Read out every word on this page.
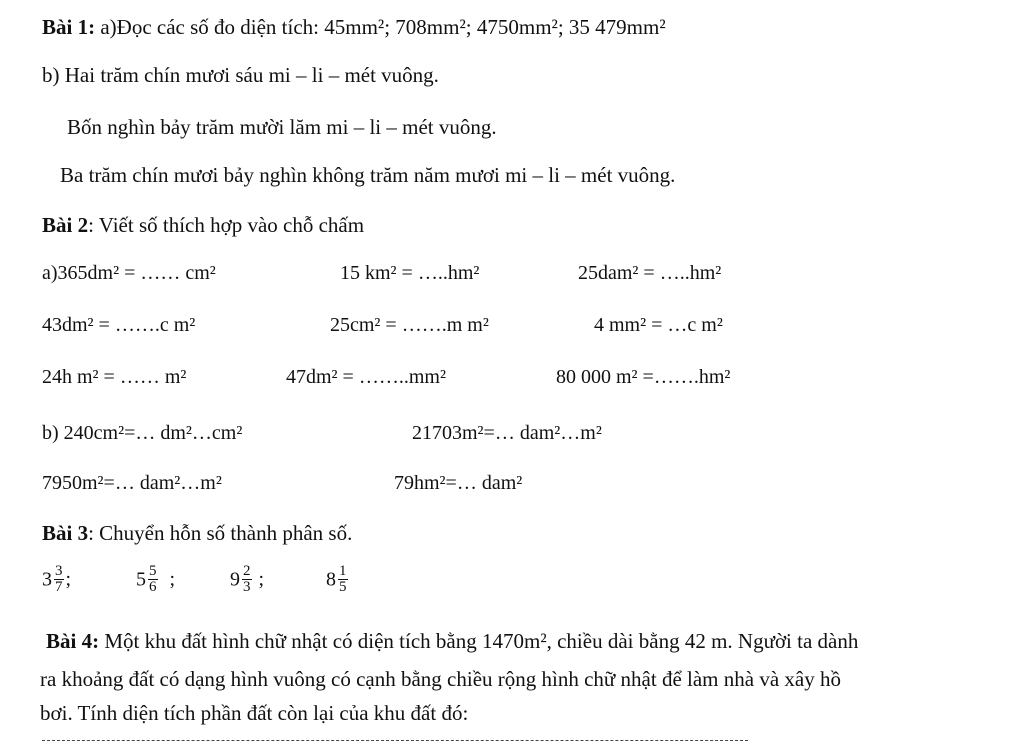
Bài 1: a)Đọc các số đo diện tích: 45mm²; 708mm²; 4750mm²; 35 479mm²
b) Hai trăm chín mươi sáu mi – li – mét vuông.
Bốn nghìn bảy trăm mười lăm mi – li – mét vuông.
Ba trăm chín mươi bảy nghìn không trăm năm mươi mi – li – mét vuông.
Bài 2: Viết số thích hợp vào chỗ chấm
a)365dm² = …… cm²	15 km² = …..hm²	25dam² = …..hm²
43dm² = …….c m²	25cm² = …….m m²	4 mm² = …c m²
24h m² = …… m²	47dm² = ……..mm²	80 000 m² =…….hm²
b) 240cm²=… dm²…cm²	21703m²=… dam²…m²
7950m²=… dam²…m²	79hm²=… dam²
Bài 3: Chuyển hỗn số thành phân số.
$3 \frac{3}{7}$ ;	$5 \frac{5}{6}$ ;	$9 \frac{2}{3}$ ;	$8 \frac{1}{5}$
Bài 4: Một khu đất hình chữ nhật có diện tích bằng 1470m², chiều dài bằng 42 m. Người ta dành
ra khoảng đất có dạng hình vuông có cạnh bằng chiều rộng hình chữ nhật để làm nhà và xây hồ
bơi. Tính diện tích phần đất còn lại của khu đất đó:
